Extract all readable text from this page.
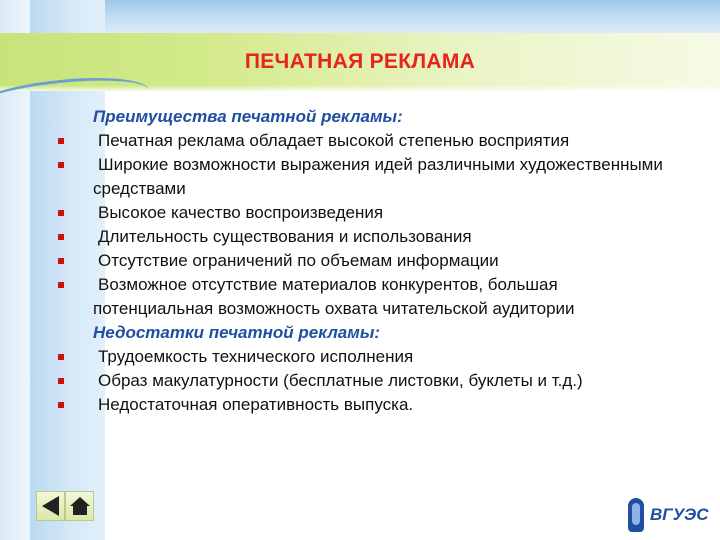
ПЕЧАТНАЯ РЕКЛАМА
Преимущества печатной рекламы:
Печатная реклама обладает высокой степенью восприятия
Широкие возможности выражения идей различными художественными средствами
Высокое качество воспроизведения
Длительность существования и использования
Отсутствие ограничений по объемам информации
Возможное отсутствие материалов конкурентов, большая потенциальная возможность охвата читательской аудитории
Недостатки печатной рекламы:
Трудоемкость технического исполнения
Образ макулатурности (бесплатные листовки, буклеты и т.д.)
Недостаточная оперативность выпуска.
ВГУЭС
